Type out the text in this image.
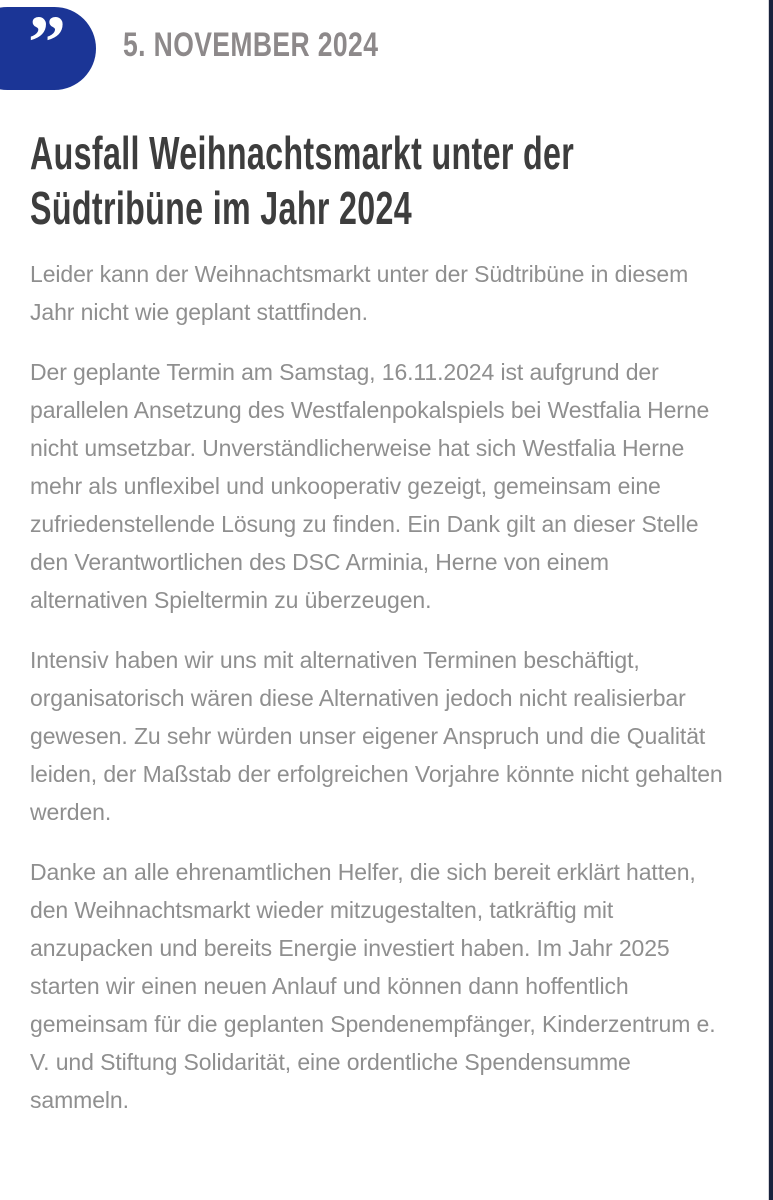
” 5. NOVEMBER 2024
Ausfall Weihnachtsmarkt unter der Südtribüne im Jahr 2024

Leider kann der Weihnachtsmarkt unter der Südtribüne in diesem Jahr nicht wie geplant stattfinden.

Der geplante Termin am Samstag, 16.11.2024 ist aufgrund der parallelen Ansetzung des Westfalenpokalspiels bei Westfalia Herne nicht umsetzbar. Unverständlicherweise hat sich Westfalia Herne mehr als unflexibel und unkooperativ gezeigt, gemeinsam eine zufriedenstellende Lösung zu finden. Ein Dank gilt an dieser Stelle den Verantwortlichen des DSC Arminia, Herne von einem alternativen Spieltermin zu überzeugen.

Intensiv haben wir uns mit alternativen Terminen beschäftigt, organisatorisch wären diese Alternativen jedoch nicht realisierbar gewesen. Zu sehr würden unser eigener Anspruch und die Qualität leiden, der Maßstab der erfolgreichen Vorjahre könnte nicht gehalten werden.

Danke an alle ehrenamtlichen Helfer, die sich bereit erklärt hatten, den Weihnachtsmarkt wieder mitzugestalten, tatkräftig mit anzupacken und bereits Energie investiert haben. Im Jahr 2025 starten wir einen neuen Anlauf und können dann hoffentlich gemeinsam für die geplanten Spendenempfänger, Kinderzentrum e. V. und Stiftung Solidarität, eine ordentliche Spendensumme sammeln.
